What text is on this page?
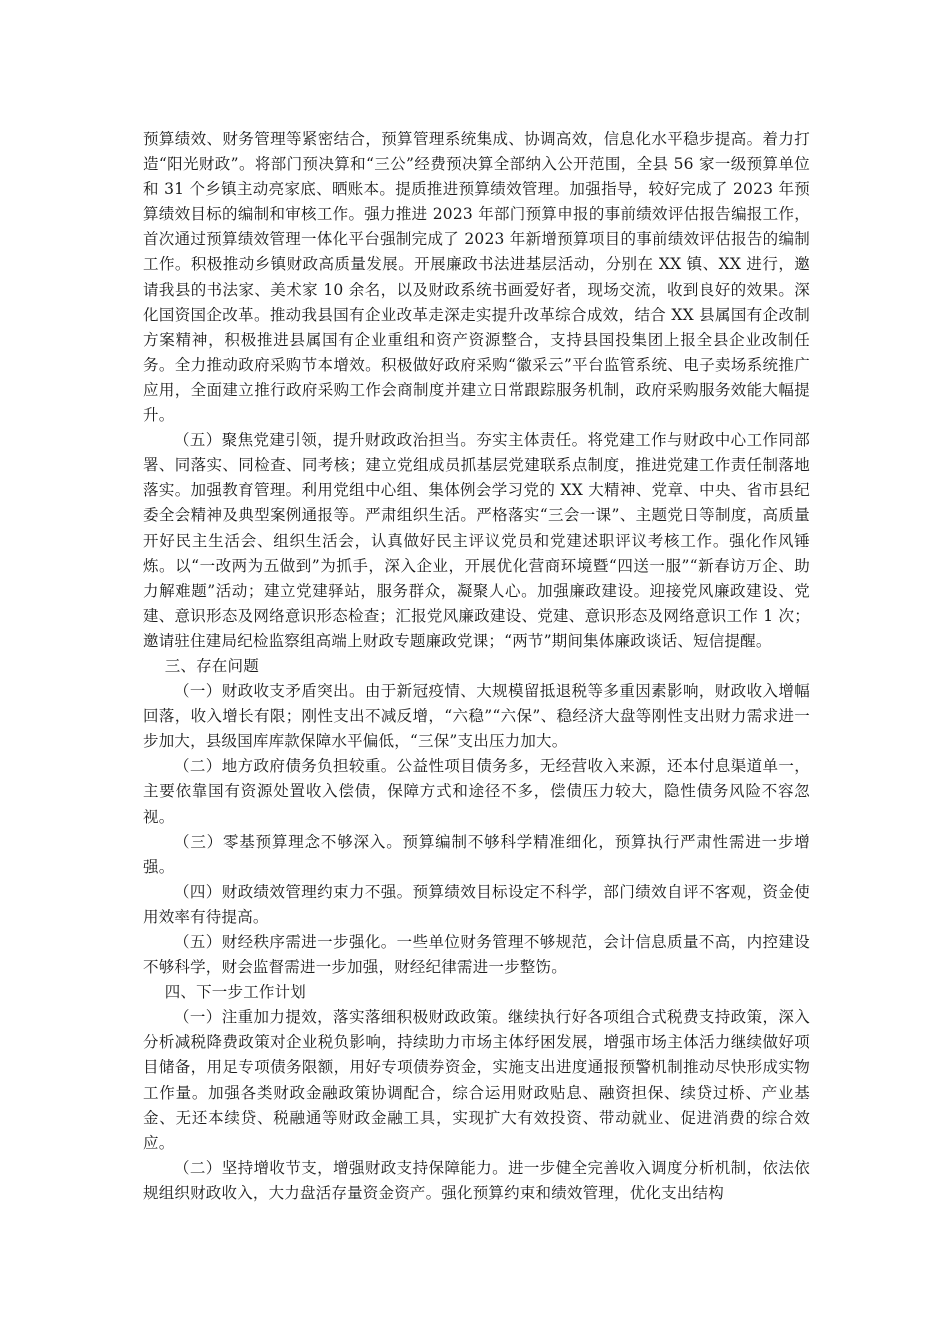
预算绩效、财务管理等紧密结合，预算管理系统集成、协调高效，信息化水平稳步提高。着力打造“阳光财政”。将部门预决算和“三公”经费预决算全部纳入公开范围，全县 56 家一级预算单位和 31 个乡镇主动亮家底、晒账本。提质推进预算绩效管理。加强指导，较好完成了 2023 年预算绩效目标的编制和审核工作。强力推进 2023 年部门预算申报的事前绩效评估报告编报工作，首次通过预算绩效管理一体化平台强制完成了 2023 年新增预算项目的事前绩效评估报告的编制工作。积极推动乡镇财政高质量发展。开展廉政书法进基层活动，分别在 XX 镇、XX 进行，邀请我县的书法家、美术家 10 余名，以及财政系统书画爱好者，现场交流，收到良好的效果。深化国资国企改革。推动我县国有企业改革走深走实提升改革综合成效，结合 XX 县属国有企改制方案精神，积极推进县属国有企业重组和资产资源整合，支持县国投集团上报全县企业改制任务。全力推动政府采购节本增效。积极做好政府采购“徽采云”平台监管系统、电子卖场系统推广应用，全面建立推行政府采购工作会商制度并建立日常跟踪服务机制，政府采购服务效能大幅提升。

（五）聚焦党建引领，提升财政政治担当。夯实主体责任。将党建工作与财政中心工作同部署、同落实、同检查、同考核；建立党组成员抓基层党建联系点制度，推进党建工作责任制落地落实。加强教育管理。利用党组中心组、集体例会学习党的 XX 大精神、党章、中央、省市县纪委全会精神及典型案例通报等。严肃组织生活。严格落实“三会一课”、主题党日等制度，高质量开好民主生活会、组织生活会，认真做好民主评议党员和党建述职评议考核工作。强化作风锤炼。以“一改两为五做到”为抓手，深入企业，开展优化营商环境暨“四送一服”“新春访万企、助力解难题”活动；建立党建驿站，服务群众，凝聚人心。加强廉政建设。迎接党风廉政建设、党建、意识形态及网络意识形态检查；汇报党风廉政建设、党建、意识形态及网络意识工作 1 次；邀请驻住建局纪检监察组高端上财政专题廉政党课；“两节”期间集体廉政谈话、短信提醒。

三、存在问题

（一）财政收支矛盾突出。由于新冠疫情、大规模留抵退税等多重因素影响，财政收入增幅回落，收入增长有限；刚性支出不减反增，“六稳”“六保”、稳经济大盘等刚性支出财力需求进一步加大，县级国库库款保障水平偏低，“三保”支出压力加大。

（二）地方政府债务负担较重。公益性项目债务多，无经营收入来源，还本付息渠道单一，主要依靠国有资源处置收入偿债，保障方式和途径不多，偿债压力较大，隐性债务风险不容忽视。

（三）零基预算理念不够深入。预算编制不够科学精准细化，预算执行严肃性需进一步增强。

（四）财政绩效管理约束力不强。预算绩效目标设定不科学，部门绩效自评不客观，资金使用效率有待提高。

（五）财经秩序需进一步强化。一些单位财务管理不够规范，会计信息质量不高，内控建设不够科学，财会监督需进一步加强，财经纪律需进一步整饬。

四、下一步工作计划

（一）注重加力提效，落实落细积极财政政策。继续执行好各项组合式税费支持政策，深入分析减税降费政策对企业税负影响，持续助力市场主体纾困发展，增强市场主体活力继续做好项目储备，用足专项债务限额，用好专项债券资金，实施支出进度通报预警机制推动尽快形成实物工作量。加强各类财政金融政策协调配合，综合运用财政贴息、融资担保、续贷过桥、产业基金、无还本续贷、税融通等财政金融工具，实现扩大有效投资、带动就业、促进消费的综合效应。

（二）坚持增收节支，增强财政支持保障能力。进一步健全完善收入调度分析机制，依法依规组织财政收入，大力盘活存量资金资产。强化预算约束和绩效管理，优化支出结构
